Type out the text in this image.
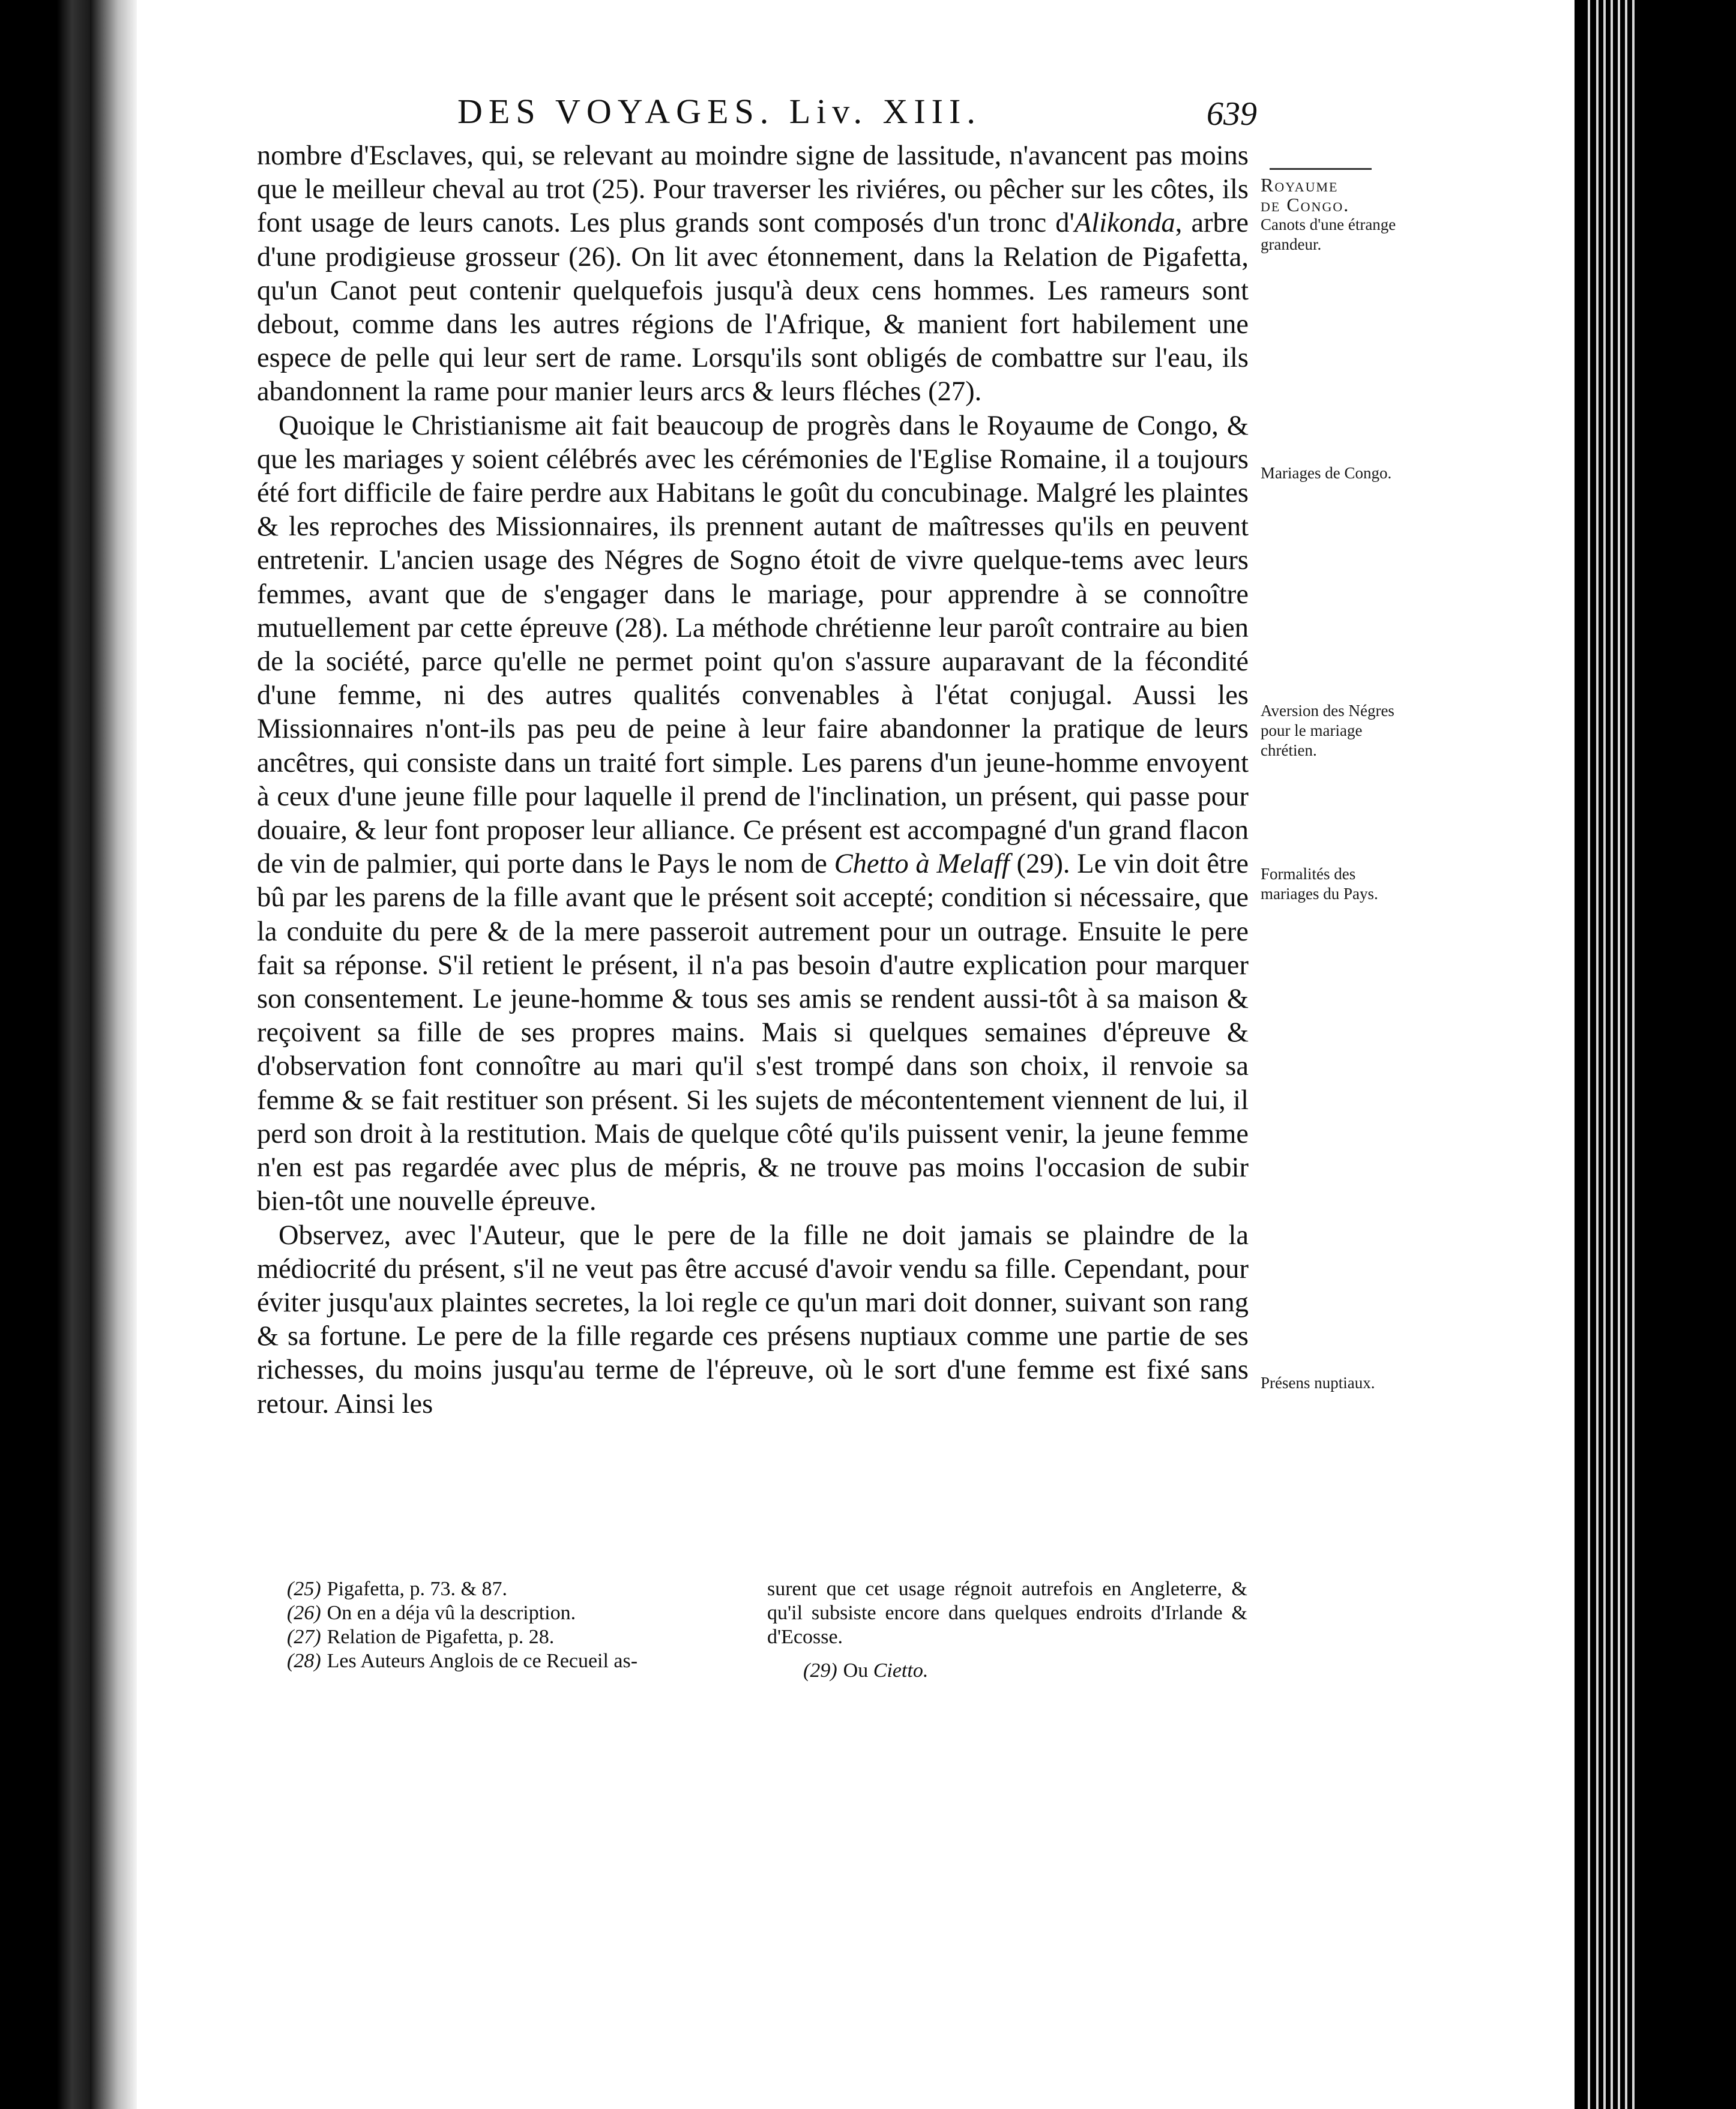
DES VOYAGES. Liv. XIII.	639

nombre d'Esclaves, qui, se relevant au moindre signe de lassitude, n'avancent pas moins que le meilleur cheval au trot (25). Pour traverser les riviéres, ou pêcher sur les côtes, ils font usage de leurs canots. Les plus grands sont composés d'un tronc d'Alikonda, arbre d'une prodigieuse grosseur (26). On lit avec étonnement, dans la Relation de Pigafetta, qu'un Canot peut contenir quelquefois jusqu'à deux cens hommes. Les rameurs sont debout, comme dans les autres régions de l'Afrique, & manient fort habilement une espece de pelle qui leur sert de rame. Lorsqu'ils sont obligés de combattre sur l'eau, ils abandonnent la rame pour manier leurs arcs & leurs fléches (27).

Quoique le Christianisme ait fait beaucoup de progrès dans le Royaume de Congo, & que les mariages y soient célébrés avec les cérémonies de l'Eglise Romaine, il a toujours été fort difficile de faire perdre aux Habitans le goût du concubinage. Malgré les plaintes & les reproches des Missionnaires, ils prennent autant de maîtresses qu'ils en peuvent entretenir. L'ancien usage des Négres de Sogno étoit de vivre quelque-tems avec leurs femmes, avant que de s'engager dans le mariage, pour apprendre à se connoître mutuellement par cette épreuve (28). La méthode chrétienne leur paroît contraire au bien de la société, parce qu'elle ne permet point qu'on s'assure auparavant de la fécondité d'une femme, ni des autres qualités convenables à l'état conjugal. Aussi les Missionnaires n'ont-ils pas peu de peine à leur faire abandonner la pratique de leurs ancêtres, qui consiste dans un traité fort simple. Les parens d'un jeune-homme envoyent à ceux d'une jeune fille pour laquelle il prend de l'inclination, un présent, qui passe pour douaire, & leur font proposer leur alliance. Ce présent est accompagné d'un grand flacon de vin de palmier, qui porte dans le Pays le nom de Chetto à Melaff (29). Le vin doit être bû par les parens de la fille avant que le présent soit accepté; condition si nécessaire, que la conduite du pere & de la mere passeroit autrement pour un outrage. Ensuite le pere fait sa réponse. S'il retient le présent, il n'a pas besoin d'autre explication pour marquer son consentement. Le jeune-homme & tous ses amis se rendent aussi-tôt à sa maison & reçoivent sa fille de ses propres mains. Mais si quelques semaines d'épreuve & d'observation font connoître au mari qu'il s'est trompé dans son choix, il renvoie sa femme & se fait restituer son présent. Si les sujets de mécontentement viennent de lui, il perd son droit à la restitution. Mais de quelque côté qu'ils puissent venir, la jeune femme n'en est pas regardée avec plus de mépris, & ne trouve pas moins l'occasion de subir bien-tôt une nouvelle épreuve.

Observez, avec l'Auteur, que le pere de la fille ne doit jamais se plaindre de la médiocrité du présent, s'il ne veut pas être accusé d'avoir vendu sa fille. Cependant, pour éviter jusqu'aux plaintes secretes, la loi regle ce qu'un mari doit donner, suivant son rang & sa fortune. Le pere de la fille regarde ces présens nuptiaux comme une partie de ses richesses, du moins jusqu'au terme de l'épreuve, où le sort d'une femme est fixé sans retour. Ainsi les

Royaume
de Congo.
Canots d'une étrange grandeur.
Mariages de Congo.
Aversion des Négres pour le mariage chrétien.
Formalités des mariages du Pays.
Présens nuptiaux.
(25) Pigafetta, p. 73. & 87.
(26) On en a déja vû la description.
(27) Relation de Pigafetta, p. 28.
(28) Les Auteurs Anglois de ce Recueil as-
surent que cet usage régnoit autrefois en Angleterre, & qu'il subsiste encore dans quelques endroits d'Irlande & d'Ecosse.
(29) Ou Cietto.
